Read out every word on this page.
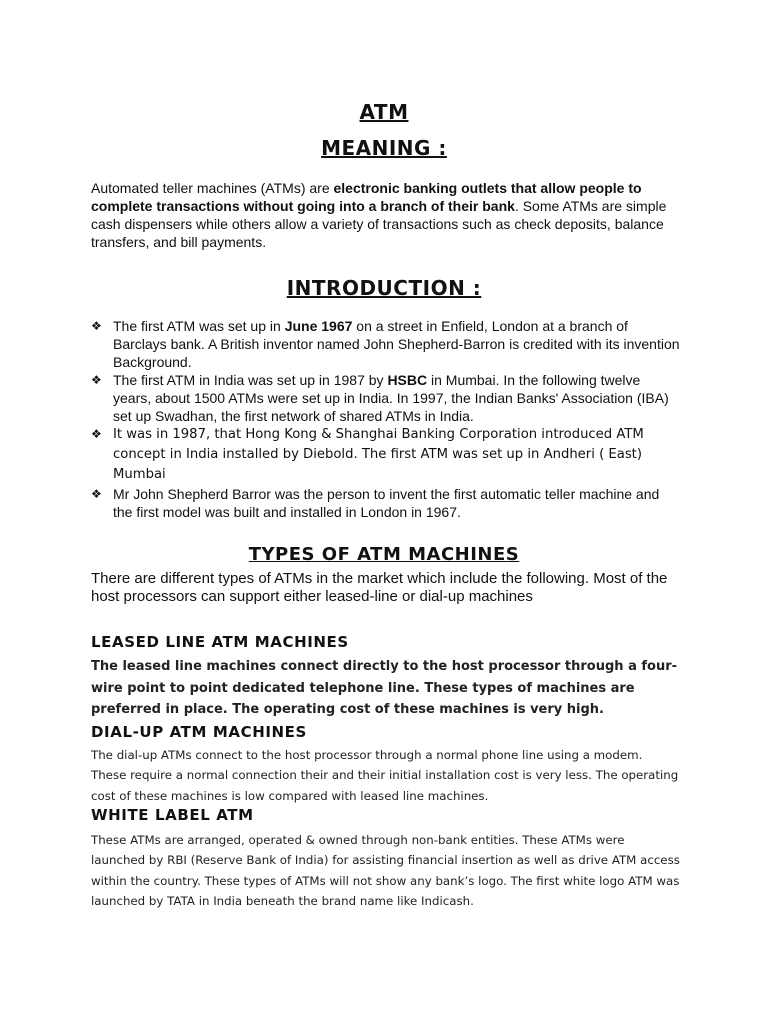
ATM
MEANING :

Automated teller machines (ATMs) are electronic banking outlets that allow people to complete transactions without going into a branch of their bank. Some ATMs are simple cash dispensers while others allow a variety of transactions such as check deposits, balance transfers, and bill payments.

INTRODUCTION :
❖ The first ATM was set up in June 1967 on a street in Enfield, London at a branch of Barclays bank. A British inventor named John Shepherd-Barron is credited with its invention Background.
❖ The first ATM in India was set up in 1987 by HSBC in Mumbai. In the following twelve years, about 1500 ATMs were set up in India. In 1997, the Indian Banks' Association (IBA) set up Swadhan, the first network of shared ATMs in India.
❖ It was in 1987, that Hong Kong & Shanghai Banking Corporation introduced ATM concept in India installed by Diebold. The first ATM was set up in Andheri ( East) Mumbai
❖ Mr John Shepherd Barror was the person to invent the first automatic teller machine and the first model was built and installed in London in 1967.
TYPES OF ATM MACHINES

There are different types of ATMs in the market which include the following. Most of the host processors can support either leased-line or dial-up machines

LEASED LINE ATM MACHINES

The leased line machines connect directly to the host processor through a four-wire point to point dedicated telephone line. These types of machines are preferred in place. The operating cost of these machines is very high.

DIAL-UP ATM MACHINES

The dial-up ATMs connect to the host processor through a normal phone line using a modem. These require a normal connection their and their initial installation cost is very less. The operating cost of these machines is low compared with leased line machines.

WHITE LABEL ATM

These ATMs are arranged, operated & owned through non-bank entities. These ATMs were launched by RBI (Reserve Bank of India) for assisting financial insertion as well as drive ATM access within the country. These types of ATMs will not show any bank’s logo. The first white logo ATM was launched by TATA in India beneath the brand name like Indicash.
